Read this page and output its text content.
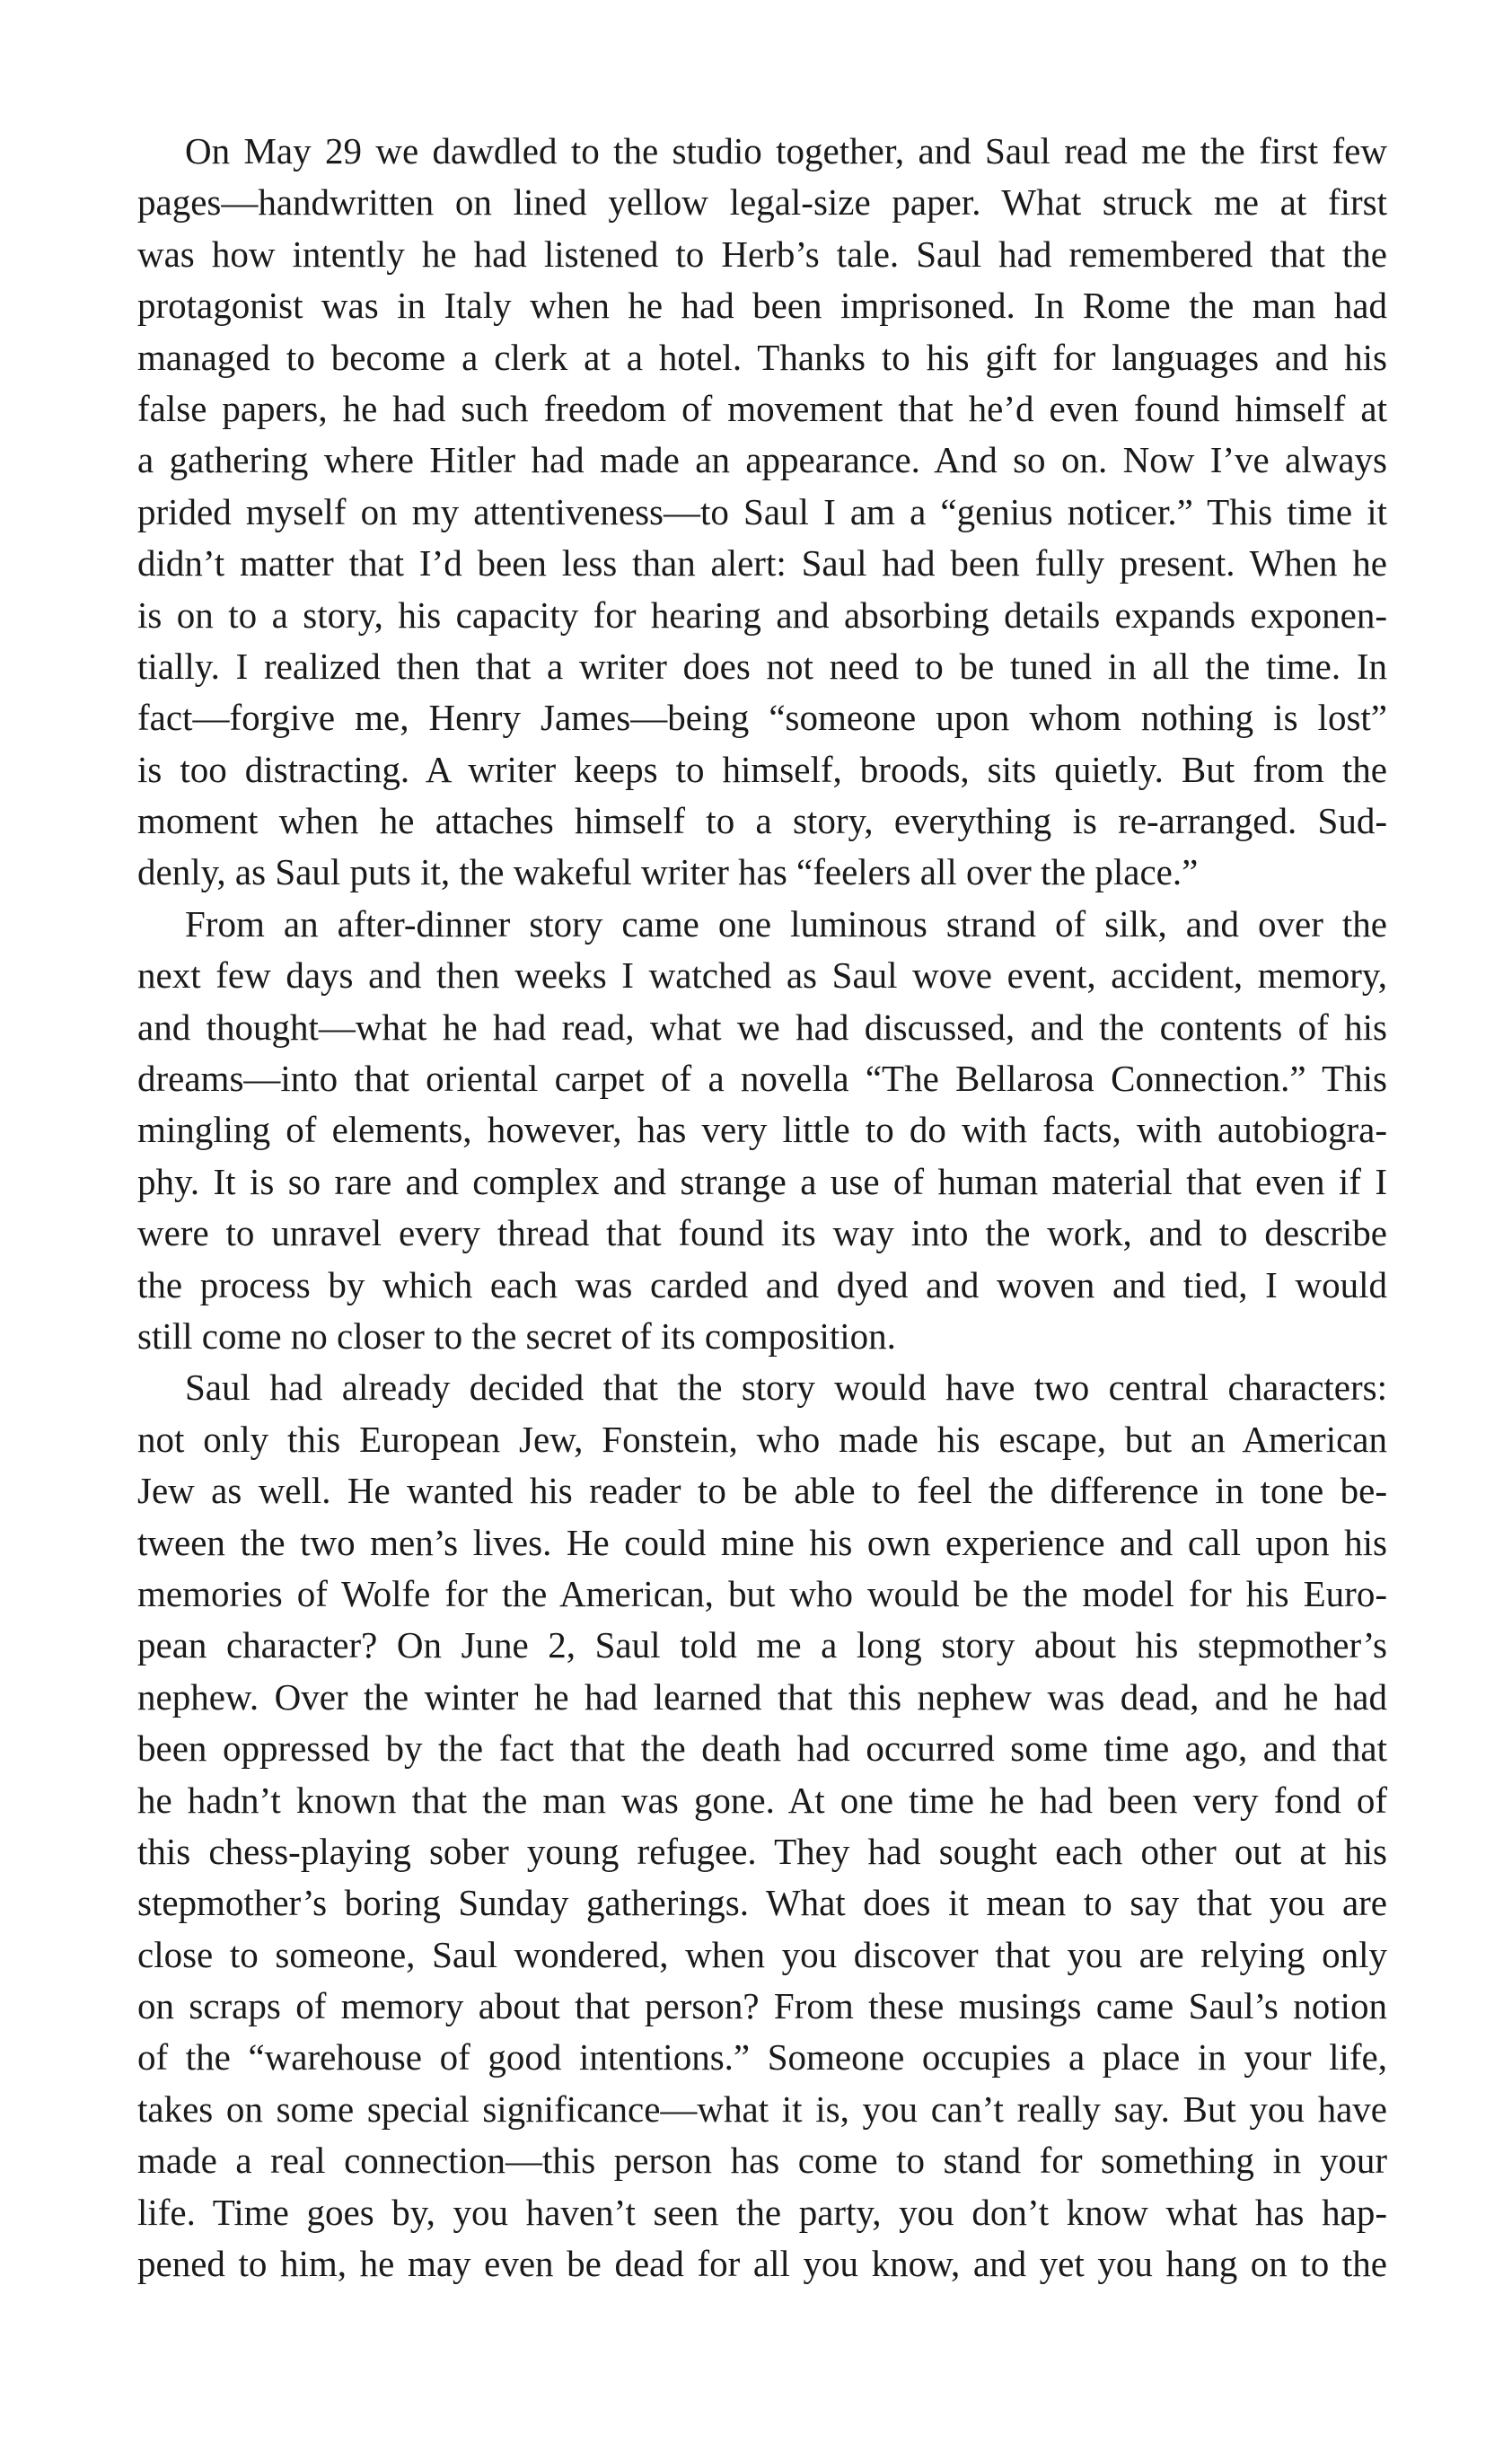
On May 29 we dawdled to the studio together, and Saul read me the first few
pages—handwritten on lined yellow legal-size paper. What struck me at first
was how intently he had listened to Herb’s tale. Saul had remembered that the
protagonist was in Italy when he had been imprisoned. In Rome the man had
managed to become a clerk at a hotel. Thanks to his gift for languages and his
false papers, he had such freedom of movement that he’d even found himself at
a gathering where Hitler had made an appearance. And so on. Now I’ve always
prided myself on my attentiveness—to Saul I am a “genius noticer.” This time it
didn’t matter that I’d been less than alert: Saul had been fully present. When he
is on to a story, his capacity for hearing and absorbing details expands exponen-
tially. I realized then that a writer does not need to be tuned in all the time. In
fact—forgive me, Henry James—being “someone upon whom nothing is lost”
is too distracting. A writer keeps to himself, broods, sits quietly. But from the
moment when he attaches himself to a story, everything is re-arranged. Sud-
denly, as Saul puts it, the wakeful writer has “feelers all over the place.”
From an after-dinner story came one luminous strand of silk, and over the
next few days and then weeks I watched as Saul wove event, accident, memory,
and thought—what he had read, what we had discussed, and the contents of his
dreams—into that oriental carpet of a novella “The Bellarosa Connection.” This
mingling of elements, however, has very little to do with facts, with autobiogra-
phy. It is so rare and complex and strange a use of human material that even if I
were to unravel every thread that found its way into the work, and to describe
the process by which each was carded and dyed and woven and tied, I would
still come no closer to the secret of its composition.
Saul had already decided that the story would have two central characters:
not only this European Jew, Fonstein, who made his escape, but an American
Jew as well. He wanted his reader to be able to feel the difference in tone be-
tween the two men’s lives. He could mine his own experience and call upon his
memories of Wolfe for the American, but who would be the model for his Euro-
pean character? On June 2, Saul told me a long story about his stepmother’s
nephew. Over the winter he had learned that this nephew was dead, and he had
been oppressed by the fact that the death had occurred some time ago, and that
he hadn’t known that the man was gone. At one time he had been very fond of
this chess-playing sober young refugee. They had sought each other out at his
stepmother’s boring Sunday gatherings. What does it mean to say that you are
close to someone, Saul wondered, when you discover that you are relying only
on scraps of memory about that person? From these musings came Saul’s notion
of the “warehouse of good intentions.” Someone occupies a place in your life,
takes on some special significance—what it is, you can’t really say. But you have
made a real connection—this person has come to stand for something in your
life. Time goes by, you haven’t seen the party, you don’t know what has hap-
pened to him, he may even be dead for all you know, and yet you hang on to the
